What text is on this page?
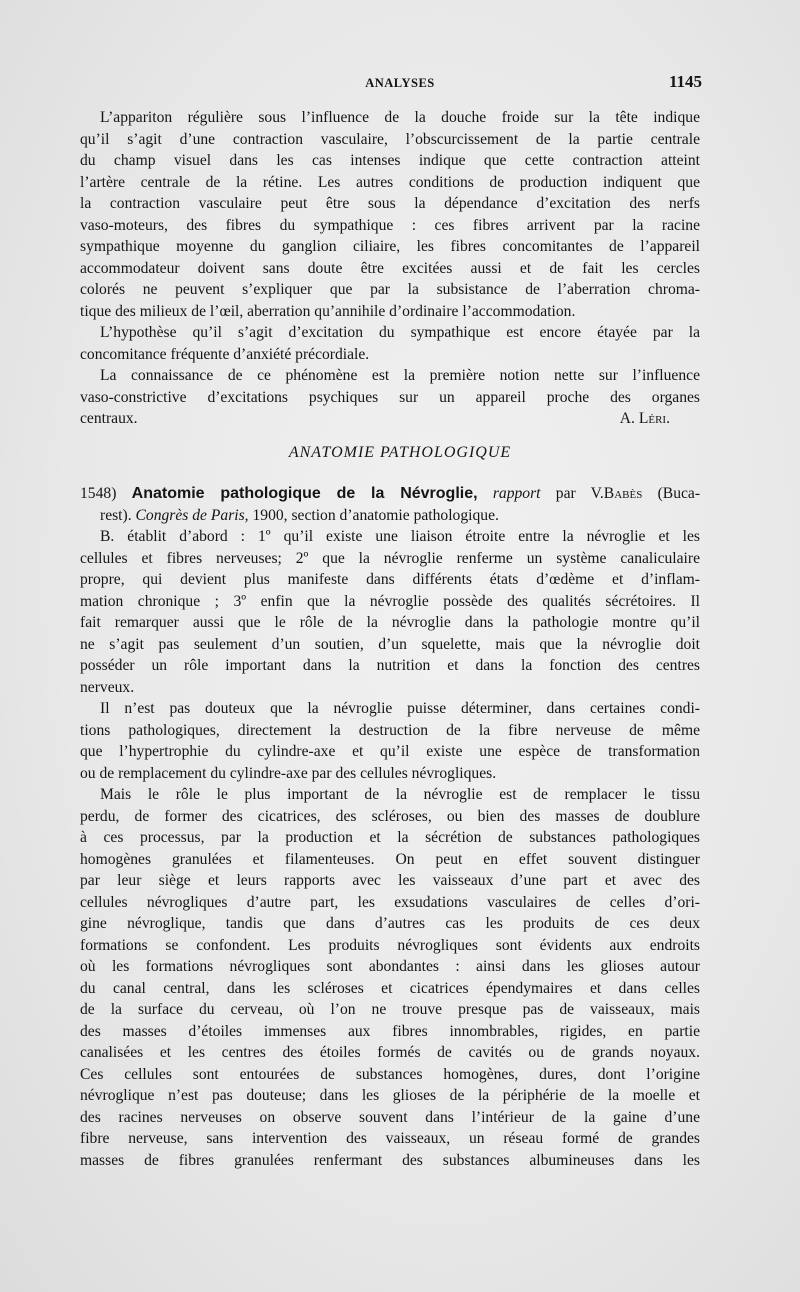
ANALYSES	1145
L’appariton régulière sous l’influence de la douche froide sur la tête indique
qu’il s’agit d’une contraction vasculaire, l’obscurcissement de la partie centrale
du champ visuel dans les cas intenses indique que cette contraction atteint
l’artère centrale de la rétine. Les autres conditions de production indiquent que
la contraction vasculaire peut être sous la dépendance d’excitation des nerfs
vaso-moteurs, des fibres du sympathique : ces fibres arrivent par la racine
sympathique moyenne du ganglion ciliaire, les fibres concomitantes de l’appareil
accommodateur doivent sans doute être excitées aussi et de fait les cercles
colorés ne peuvent s’expliquer que par la subsistance de l’aberration chroma-
tique des milieux de l’œil, aberration qu’annihile d’ordinaire l’accommodation.
L’hypothèse qu’il s’agit d’excitation du sympathique est encore étayée par la
concomitance fréquente d’anxiété précordiale.
La connaissance de ce phénomène est la première notion nette sur l’influence
vaso-constrictive d’excitations psychiques sur un appareil proche des organes
centraux.	A. Léri.
ANATOMIE PATHOLOGIQUE
1548) Anatomie pathologique de la Névroglie, rapport par V.Babès (Buca-
rest). Congrès de Paris, 1900, section d’anatomie pathologique.
B. établit d’abord : 1º qu’il existe une liaison étroite entre la névroglie et les
cellules et fibres nerveuses; 2º que la névroglie renferme un système canaliculaire
propre, qui devient plus manifeste dans différents états d’œdème et d’inflam-
mation chronique ; 3º enfin que la névroglie possède des qualités sécrétoires. Il
fait remarquer aussi que le rôle de la névroglie dans la pathologie montre qu’il
ne s’agit pas seulement d’un soutien, d’un squelette, mais que la névroglie doit
posséder un rôle important dans la nutrition et dans la fonction des centres
nerveux.
Il n’est pas douteux que la névroglie puisse déterminer, dans certaines condi-
tions pathologiques, directement la destruction de la fibre nerveuse de même
que l’hypertrophie du cylindre-axe et qu’il existe une espèce de transformation
ou de remplacement du cylindre-axe par des cellules névrogliques.
Mais le rôle le plus important de la névroglie est de remplacer le tissu
perdu, de former des cicatrices, des scléroses, ou bien des masses de doublure
à ces processus, par la production et la sécrétion de substances pathologiques
homogènes granulées et filamenteuses. On peut en effet souvent distinguer
par leur siège et leurs rapports avec les vaisseaux d’une part et avec des
cellules névrogliques d’autre part, les exsudations vasculaires de celles d’ori-
gine névroglique, tandis que dans d’autres cas les produits de ces deux
formations se confondent. Les produits névrogliques sont évidents aux endroits
où les formations névrogliques sont abondantes : ainsi dans les glioses autour
du canal central, dans les scléroses et cicatrices épendymaires et dans celles
de la surface du cerveau, où l’on ne trouve presque pas de vaisseaux, mais
des masses d’étoiles immenses aux fibres innombrables, rigides, en partie
canalisées et les centres des étoiles formés de cavités ou de grands noyaux.
Ces cellules sont entourées de substances homogènes, dures, dont l’origine
névroglique n’est pas douteuse; dans les glioses de la périphérie de la moelle et
des racines nerveuses on observe souvent dans l’intérieur de la gaine d’une
fibre nerveuse, sans intervention des vaisseaux, un réseau formé de grandes
masses de fibres granulées renfermant des substances albumineuses dans les
